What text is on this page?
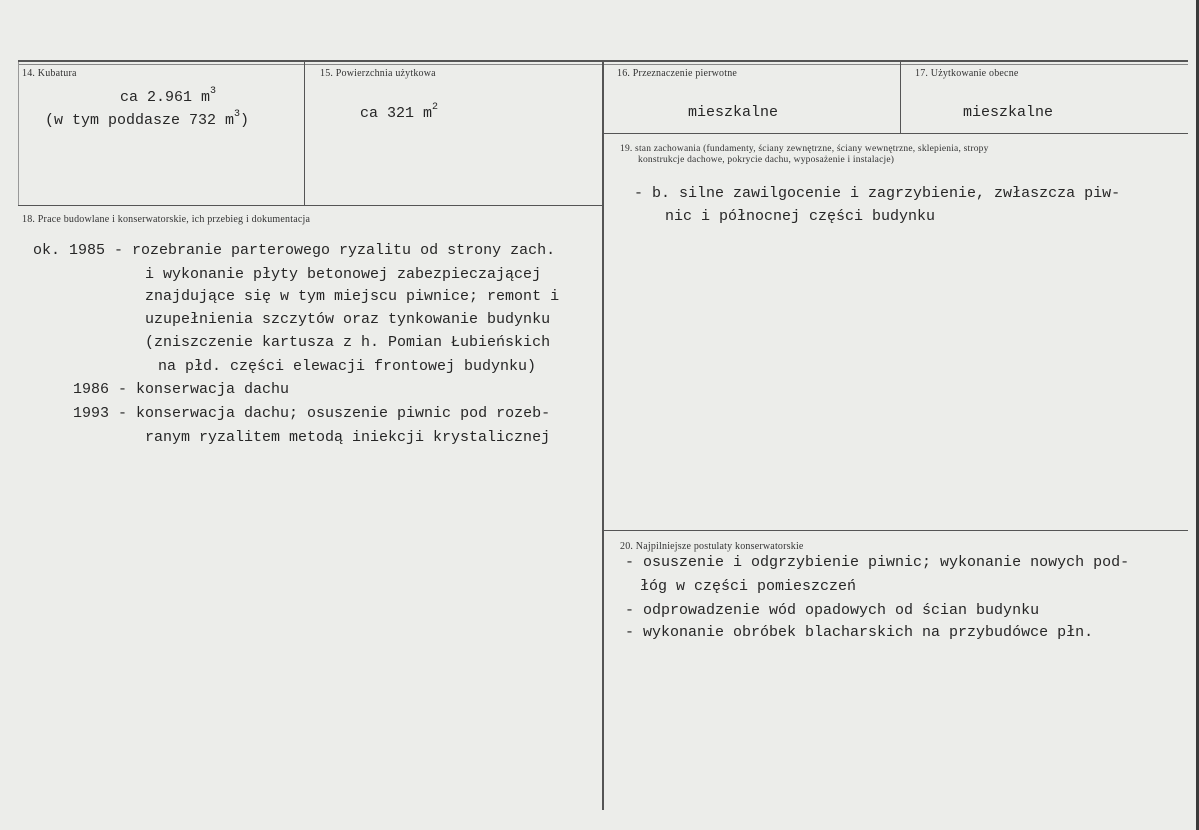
14. Kubatura
ca 2.961 $m^3$
(w tym poddasze 732 $m^3$)
15. Powierzchnia użytkowa
ca 321 $m^2$
16. Przeznaczenie pierwotne
mieszkalne
17. Użytkowanie obecne
mieszkalne
19. stan zachowania (fundamenty, ściany zewnętrzne, ściany wewnętrzne, sklepienia, stropy
konstrukcje dachowe, pokrycie dachu, wyposażenie i instalacje)
- b. silne zawilgocenie i zagrzybienie, zwłaszcza piw-
nic i północnej części budynku
18. Prace budowlane i konserwatorskie, ich przebieg i dokumentacja
ok. 1985 - rozebranie parterowego ryzalitu od strony zach.
i wykonanie płyty betonowej zabezpieczającej
znajdujące się w tym miejscu piwnice; remont i
uzupełnienia szczytów oraz tynkowanie budynku
(zniszczenie kartusza z h. Pomian Łubieńskich
na płd. części elewacji frontowej budynku)
1986 - konserwacja dachu
1993 - konserwacja dachu; osuszenie piwnic pod rozeb-
ranym ryzalitem metodą iniekcji krystalicznej
20. Najpilniejsze postulaty konserwatorskie
- osuszenie i odgrzybienie piwnic; wykonanie nowych pod-
łóg w części pomieszczeń
- odprowadzenie wód opadowych od ścian budynku
- wykonanie obróbek blacharskich na przybudówce płn.
